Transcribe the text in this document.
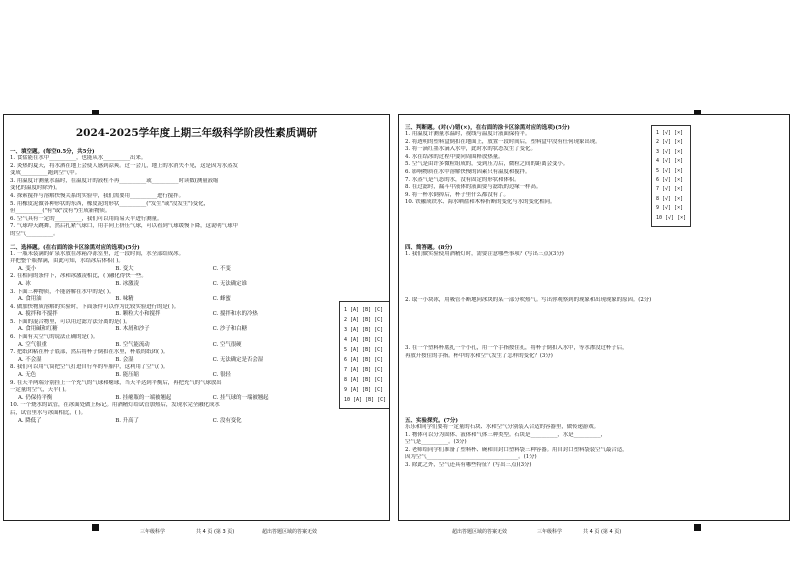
2024-2025学年度上期三年级科学阶段性素质调研
一、填空题。(每空0.5分，共5分)
1. 食盐能在水中__________，也能从水__________出来。
2. 炎热的夏天，将水洒在地上会使人感到凉爽。过一会儿，地上的水消失不见，这是因为水蒸发
变成__________跑到空气中。
3. 用温度计测量水温时，在温度计的液柱不再__________或__________时读数(测量液缩
变化的温度时除外)。
4. 探索搅拌与溶解快慢关系的实验中，我们需要用__________进行搅拌。
5. 用橡皮泥做各种形状的东西，橡皮泥的形状__________("发生"或"没发生")变化，
但__________("有"或"没有")生成新物质。
6. 空气具有一定的__________，我们可以用简易天平进行测量。
7. 气球冲天跳舞，然后扎紧气球口，用手向上挤压气球，可以看到气球缓慢下降，这说明气球中
的空气__________。
二、选择题。(在右面的涂卡区涂黑对应的选项)(5分)
1. 一瓶未装满的矿泉水放在冰箱冷冻室里，过一段时间，水全部结成冰。
并把整个瓶撑满，由此可知，水结冰后体积( )。
A. 变小	B. 变大	C. 不变
2. 在相同的条件下，冰和冰激凌相比，( )融化得快一些。
A. 冰	B. 冰激凌	C. 无法确定谁
3. 下面三种物质，不能溶解在水中的是( )。
A. 食用油	B. 味精	C. 蜂蜜
4. 做加快物质溶解的实验时，下面条件可以作为比较实验进行的是( )。
A. 搅拌和不搅拌	B. 颗粒大小和搅拌	C. 搅拌和水的冷热
5. 下面的混合物里，可以用过滤方法分离的是( )。
A. 食用碱和红糖	B. 木屑和沙子	C. 沙子和白糖
6. 下面有关空气的说法正确的是( )。
A. 空气很重	B. 空气能流动	C. 空气很硬
7. 把纸团粘在杯子底部，然后将杯子倒扣在水里，杯底的纸团( )。
A. 不会湿	B. 会湿	C. 无法确定是否会湿
8. 我们可以用气筒把空气打进自行车的车胎中，这利用了空气( )。
A. 无色	B. 能压缩	C. 很轻
9. 在天平两端分别挂上一个充气的气球和瘪球，当天平达到平衡后，再把充气的气球放出
一定量的空气，天平( )。
A. 仍保持平衡	B. 挂瘪瓶的一端被翘起	C. 挂气球的一端被翘起
10. 一个烧水的试管，在冰面处做上标记。用酒精灯给试管加热后，发现水完全融化成水
后，试管里水与冰面相比，( )。
A. 降低了	B. 升高了	C. 没有变化
1 [A] [B] [C]
2 [A] [B] [C]
3 [A] [B] [C]
4 [A] [B] [C]
5 [A] [B] [C]
6 [A] [B] [C]
7 [A] [B] [C]
8 [A] [B] [C]
9 [A] [B] [C]
10 [A] [B] [C]
三年级科学	共 4 页 (第 3 页)	超出答题区域的答案无效
三、判断题。(对(√)错(×)，在右面的涂卡区涂黑对应的选项)(5分)
1. 用温度计测量水温时，视线与温度计液面保持平。
2. 将透明的塑料盒倒扣在地面上，放置一段时间后，塑料盒中没有任何现象出现。
3. 将一滴红墨水滴入水中，此时水的状态发生了变化。
4. 水在结冰的过程中要向周围释放热量。
5. 空气是由许多微粒组成的，受到压力后，微粒之间的距离会变小。
6. 影响物质在水中溶解快慢的因素只有温度和搅拌。
7. 水蒸气是气态的水，没有固定的形状和体积。
8. 在过滤时，漏斗中液体的液面要与滤纸的边缘一样高。
9. 将一杯水倒掉后，杯子里什么都没有了。
10. 铁融成铁水、海水晒盐和木棒折断的变化与水的变化相同。
1 [√] [×]
2 [√] [×]
3 [√] [×]
4 [√] [×]
5 [√] [×]
6 [√] [×]
7 [√] [×]
8 [√] [×]
9 [√] [×]
10 [√] [×]
四、简答题。(8分)
1. 我们做实验使用酒精灯时，需要注意哪些事项？(写出三点)(3分)
2. 取一小块冰，用吸管不断地向冰块的某一部分吹热气。写出你观察到的现象和出现现象的原因。(2分)
3. 在一个塑料杯底扎一个小孔，用一个手指按住孔，将杯子倒扣入水中，等水渗没过杯子后，
再放开按住的手指。杯中的水和空气发生了怎样的变化？(3分)
五、实验探究。(7分)
乐乐和同学们要将一定量的石块、水和空气分别装入合适的容器里，做传递游戏。
1. 物体可以分为固体、液体和气体三种类型。石块是__________，水是__________，
空气是__________。(3分)
2. 老师给同学们准备了塑料杯、碗和自封口塑料袋三种容器。用自封口塑料袋装空气最合适，
因为空气__________________________________。(1分)
3. 除此之外，空气还具有哪些特征？(写出三点)(3分)
超出答题区域的答案无效	三年级科学	共 4 页 (第 4 页)
